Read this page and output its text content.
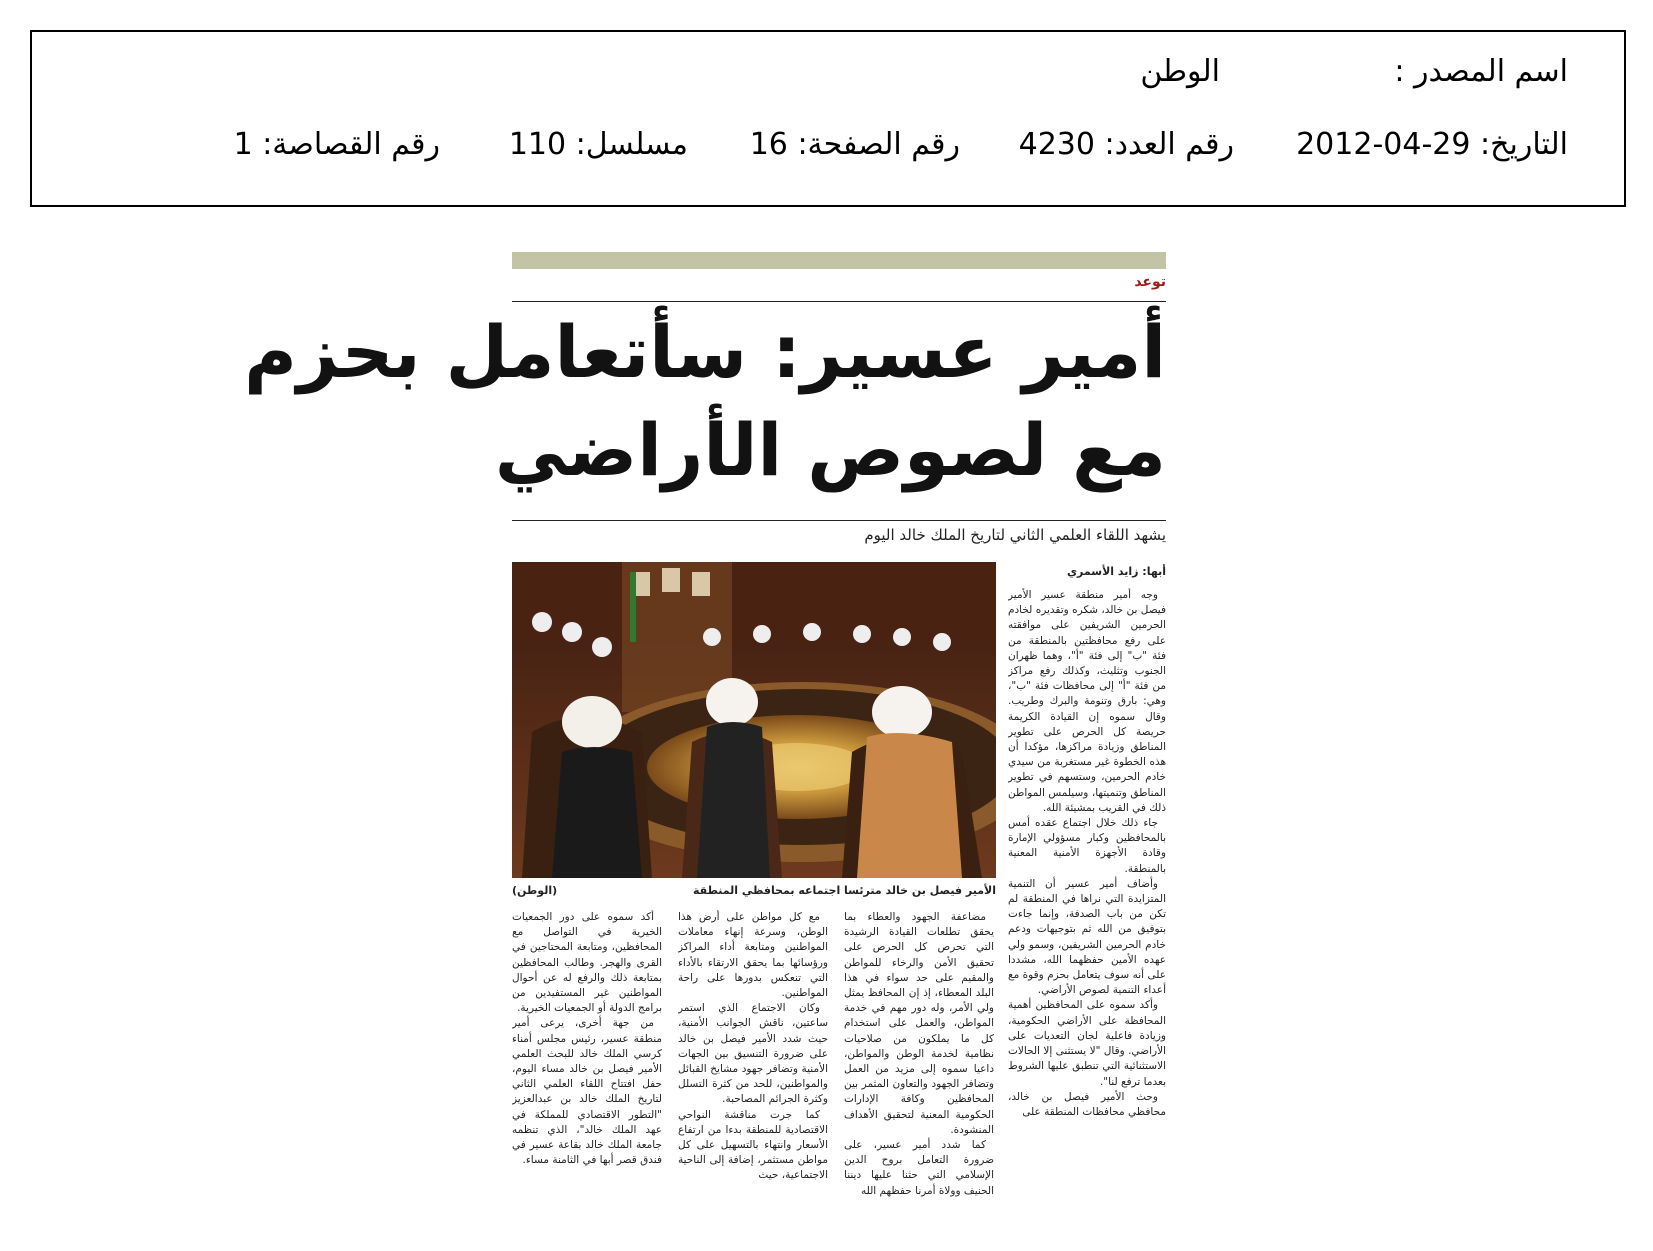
اسم المصدر :
الوطن
التاريخ: 29-04-2012
رقم العدد: 4230
رقم الصفحة: 16
مسلسل: 110
رقم القصاصة: 1
توعد
أمير عسير: سأتعامل بحزم
مع لصوص الأراضي
يشهد اللقاء العلمي الثاني لتاريخ الملك خالد اليوم
أبها: زايد الأسمري
الأمير فيصل بن خالد مترئسا اجتماعه بمحافظي المنطقة
(الوطن)

وجه أمير منطقة عسير الأمير فيصل بن خالد، شكره وتقديره لخادم الحرمين الشريفين على موافقته على رفع محافظتين بالمنطقة من فئة "ب" إلى فئة "أ"، وهما ظهران الجنوب وتثليث، وكذلك رفع مراكز من فئة "أ" إلى محافظات فئة "ب"، وهي: بارق وتنومة والبرك وطريب. وقال سموه إن القيادة الكريمة حريصة كل الحرص على تطوير المناطق وزيادة مراكزها، مؤكدا أن هذه الخطوة غير مستغربة من سيدي خادم الحرمين، وستسهم في تطوير المناطق وتنميتها، وسيلمس المواطن ذلك في القريب بمشيئة الله.

جاء ذلك خلال اجتماع عقده أمس بالمحافظين وكبار مسؤولي الإمارة وقادة الأجهزة الأمنية المعنية بالمنطقة.

وأضاف أمير عسير أن التنمية المتزايدة التي نراها في المنطقة لم تكن من باب الصدفة، وإنما جاءت بتوفيق من الله ثم بتوجيهات ودعم خادم الحرمين الشريفين، وسمو ولي عهده الأمين حفظهما الله، مشددا على أنه سوف يتعامل بحزم وقوة مع أعداء التنمية لصوص الأراضي.

وأكد سموه على المحافظين أهمية المحافظة على الأراضي الحكومية، وزيادة فاعلية لجان التعديات على الأراضي. وقال "لا يستثنى إلا الحالات الاستثنائية التي تنطبق عليها الشروط بعدما ترفع لنا".

وحث الأمير فيصل بن خالد، محافظي محافظات المنطقة على

مضاعفة الجهود والعطاء بما يحقق تطلعات القيادة الرشيدة التي تحرص كل الحرص على تحقيق الأمن والرخاء للمواطن والمقيم على حد سواء في هذا البلد المعطاء، إذ إن المحافظ يمثل ولي الأمر، وله دور مهم في خدمة المواطن، والعمل على استخدام كل ما يملكون من صلاحيات نظامية لخدمة الوطن والمواطن، داعيا سموه إلى مزيد من العمل وتضافر الجهود والتعاون المثمر بين المحافظين وكافة الإدارات الحكومية المعنية لتحقيق الأهداف المنشودة.

كما شدد أمير عسير، على ضرورة التعامل بروح الدين الإسلامي التي حثنا عليها ديننا الحنيف وولاة أمرنا حفظهم الله

مع كل مواطن على أرض هذا الوطن، وسرعة إنهاء معاملات المواطنين ومتابعة أداء المراكز ورؤسائها بما يحقق الارتقاء بالأداء التي تنعكس بدورها على راحة المواطنين.

وكان الاجتماع الذي استمر ساعتين، ناقش الجوانب الأمنية، حيث شدد الأمير فيصل بن خالد على ضرورة التنسيق بين الجهات الأمنية وتضافر جهود مشايخ القبائل والمواطنين، للحد من كثرة التسلل وكثرة الجرائم المصاحبة.

كما جرت مناقشة النواحي الاقتصادية للمنطقة بدءا من ارتفاع الأسعار وانتهاء بالتسهيل على كل مواطن مستثمر، إضافة إلى الناحية الاجتماعية، حيث

أكد سموه على دور الجمعيات الخيرية في التواصل مع المحافظين، ومتابعة المحتاجين في القرى والهجر. وطالب المحافظين بمتابعة ذلك والرفع له عن أحوال المواطنين غير المستفيدين من برامج الدولة أو الجمعيات الخيرية.

من جهة أخرى، يرعى أمير منطقة عسير، رئيس مجلس أمناء كرسي الملك خالد للبحث العلمي الأمير فيصل بن خالد مساء اليوم، حفل افتتاح اللقاء العلمي الثاني لتاريخ الملك خالد بن عبدالعزيز "التطور الاقتصادي للمملكة في عهد الملك خالد"، الذي تنظمه جامعة الملك خالد بقاعة عسير في فندق قصر أبها في الثامنة مساء.
